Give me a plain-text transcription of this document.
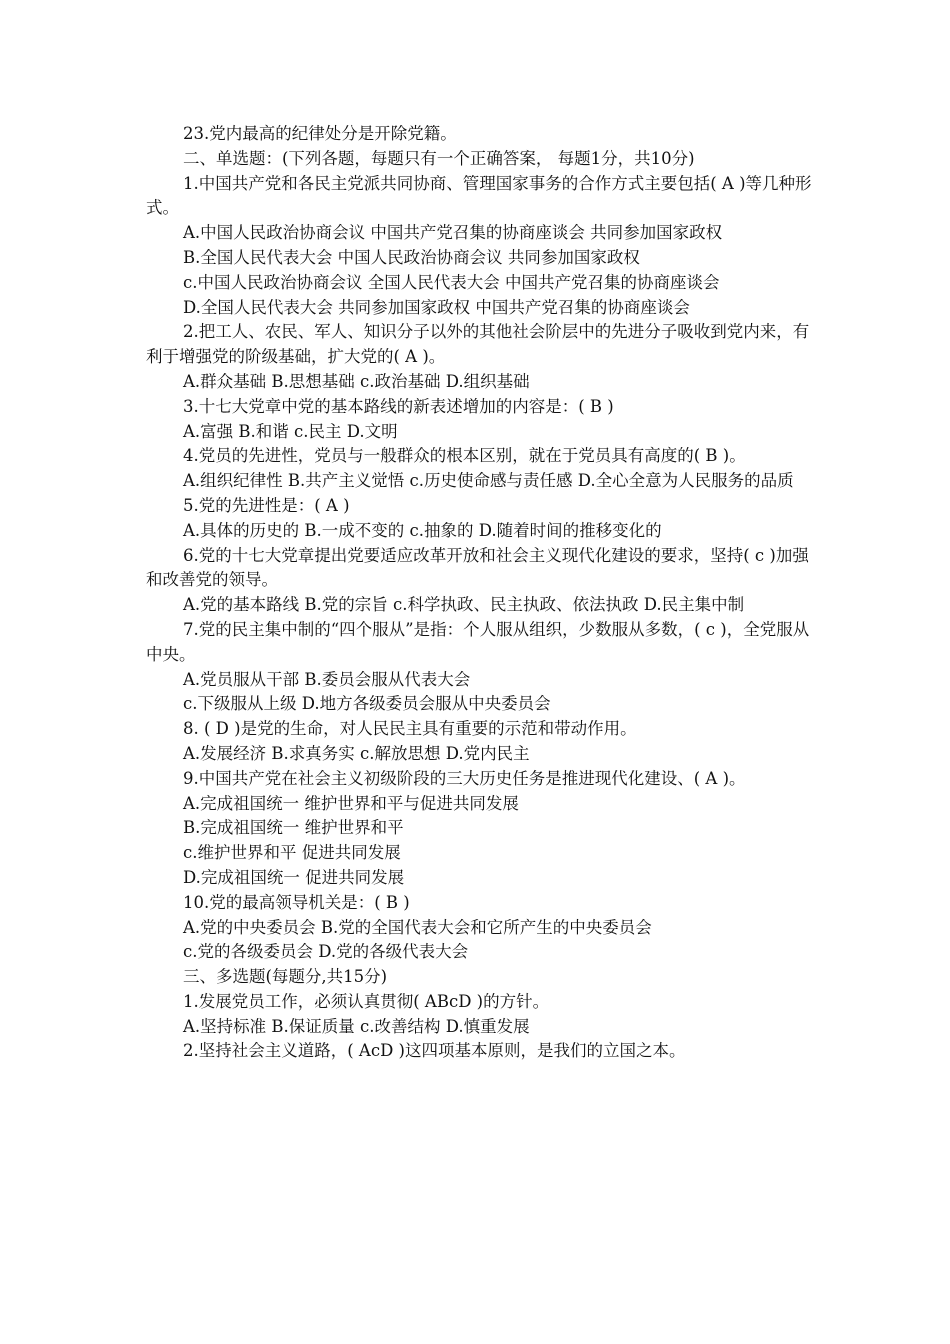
23.党内最高的纪律处分是开除党籍。

二、单选题：(下列各题，每题只有一个正确答案， 每题1分，共10分)

1.中国共产党和各民主党派共同协商、管理国家事务的合作方式主要包括( A )等几种形式。

A.中国人民政治协商会议 中国共产党召集的协商座谈会 共同参加国家政权

B.全国人民代表大会 中国人民政治协商会议 共同参加国家政权

c.中国人民政治协商会议 全国人民代表大会 中国共产党召集的协商座谈会

D.全国人民代表大会 共同参加国家政权 中国共产党召集的协商座谈会

2.把工人、农民、军人、知识分子以外的其他社会阶层中的先进分子吸收到党内来，有利于增强党的阶级基础，扩大党的( A )。

A.群众基础 B.思想基础 c.政治基础 D.组织基础

3.十七大党章中党的基本路线的新表述增加的内容是：( B )

A.富强 B.和谐 c.民主 D.文明

4.党员的先进性，党员与一般群众的根本区别，就在于党员具有高度的( B )。

A.组织纪律性 B.共产主义觉悟 c.历史使命感与责任感 D.全心全意为人民服务的品质

5.党的先进性是：( A )

A.具体的历史的 B.一成不变的 c.抽象的 D.随着时间的推移变化的

6.党的十七大党章提出党要适应改革开放和社会主义现代化建设的要求，坚持( c )加强和改善党的领导。

A.党的基本路线 B.党的宗旨 c.科学执政、民主执政、依法执政 D.民主集中制

7.党的民主集中制的“四个服从”是指：个人服从组织，少数服从多数，( c )，全党服从中央。

A.党员服从干部 B.委员会服从代表大会

c.下级服从上级 D.地方各级委员会服从中央委员会

8. ( D )是党的生命，对人民民主具有重要的示范和带动作用。

A.发展经济 B.求真务实 c.解放思想 D.党内民主

9.中国共产党在社会主义初级阶段的三大历史任务是推进现代化建设、( A )。

A.完成祖国统一 维护世界和平与促进共同发展

B.完成祖国统一 维护世界和平

c.维护世界和平 促进共同发展

D.完成祖国统一 促进共同发展

10.党的最高领导机关是：( B )

A.党的中央委员会 B.党的全国代表大会和它所产生的中央委员会

c.党的各级委员会 D.党的各级代表大会

三、多选题(每题分,共15分)

1.发展党员工作，必须认真贯彻( ABcD )的方针。

A.坚持标准 B.保证质量 c.改善结构 D.慎重发展

2.坚持社会主义道路，( AcD )这四项基本原则，是我们的立国之本。
